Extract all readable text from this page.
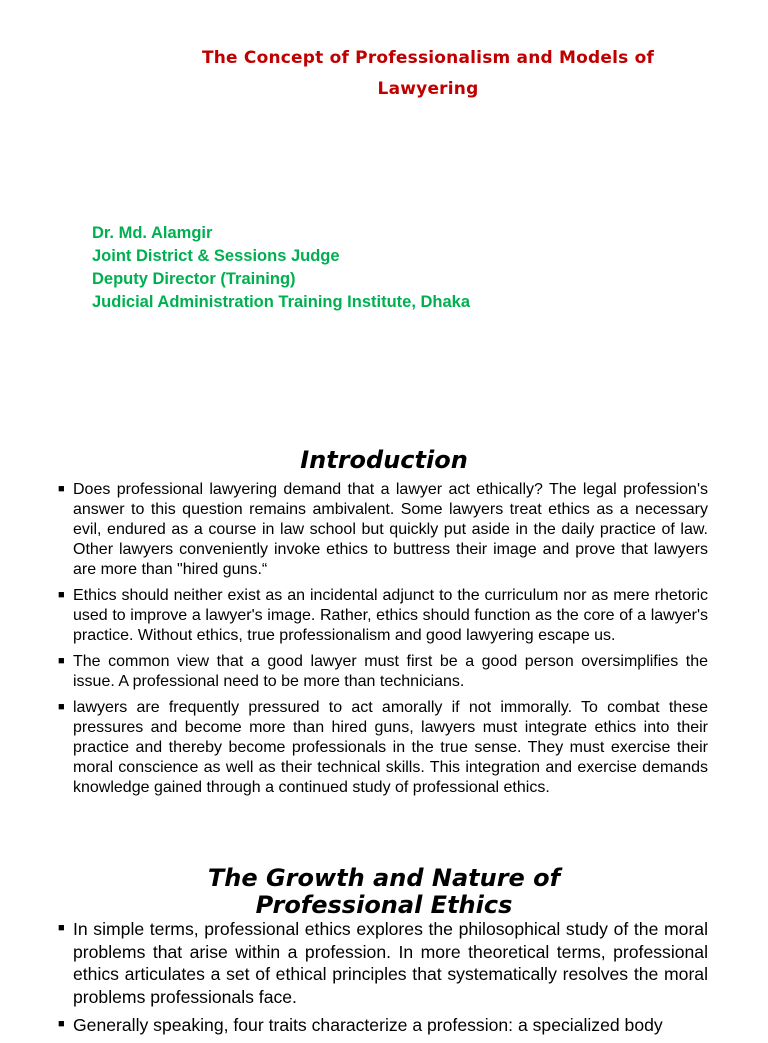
The Concept of Professionalism and Models of Lawyering
Dr. Md. Alamgir
Joint District & Sessions Judge
Deputy Director (Training)
Judicial Administration Training Institute, Dhaka
Introduction
■ Does professional lawyering demand that a lawyer act ethically? The legal profession's answer to this question remains ambivalent. Some lawyers treat ethics as a necessary evil, endured as a course in law school but quickly put aside in the daily practice of law. Other lawyers conveniently invoke ethics to buttress their image and prove that lawyers are more than "hired guns.“
■ Ethics should neither exist as an incidental adjunct to the curriculum nor as mere rhetoric used to improve a lawyer's image. Rather, ethics should function as the core of a lawyer's practice. Without ethics, true professionalism and good lawyering escape us.
■ The common view that a good lawyer must first be a good person oversimplifies the issue. A professional need to be more than technicians.
■ lawyers are frequently pressured to act amorally if not immorally. To combat these pressures and become more than hired guns, lawyers must integrate ethics into their practice and thereby become professionals in the true sense. They must exercise their moral conscience as well as their technical skills. This integration and exercise demands knowledge gained through a continued study of professional ethics.
The Growth and Nature of Professional Ethics
■ In simple terms, professional ethics explores the philosophical study of the moral problems that arise within a profession. In more theoretical terms, professional ethics articulates a set of ethical principles that systematically resolves the moral problems professionals face.
■ Generally speaking, four traits characterize a profession: a specialized body
